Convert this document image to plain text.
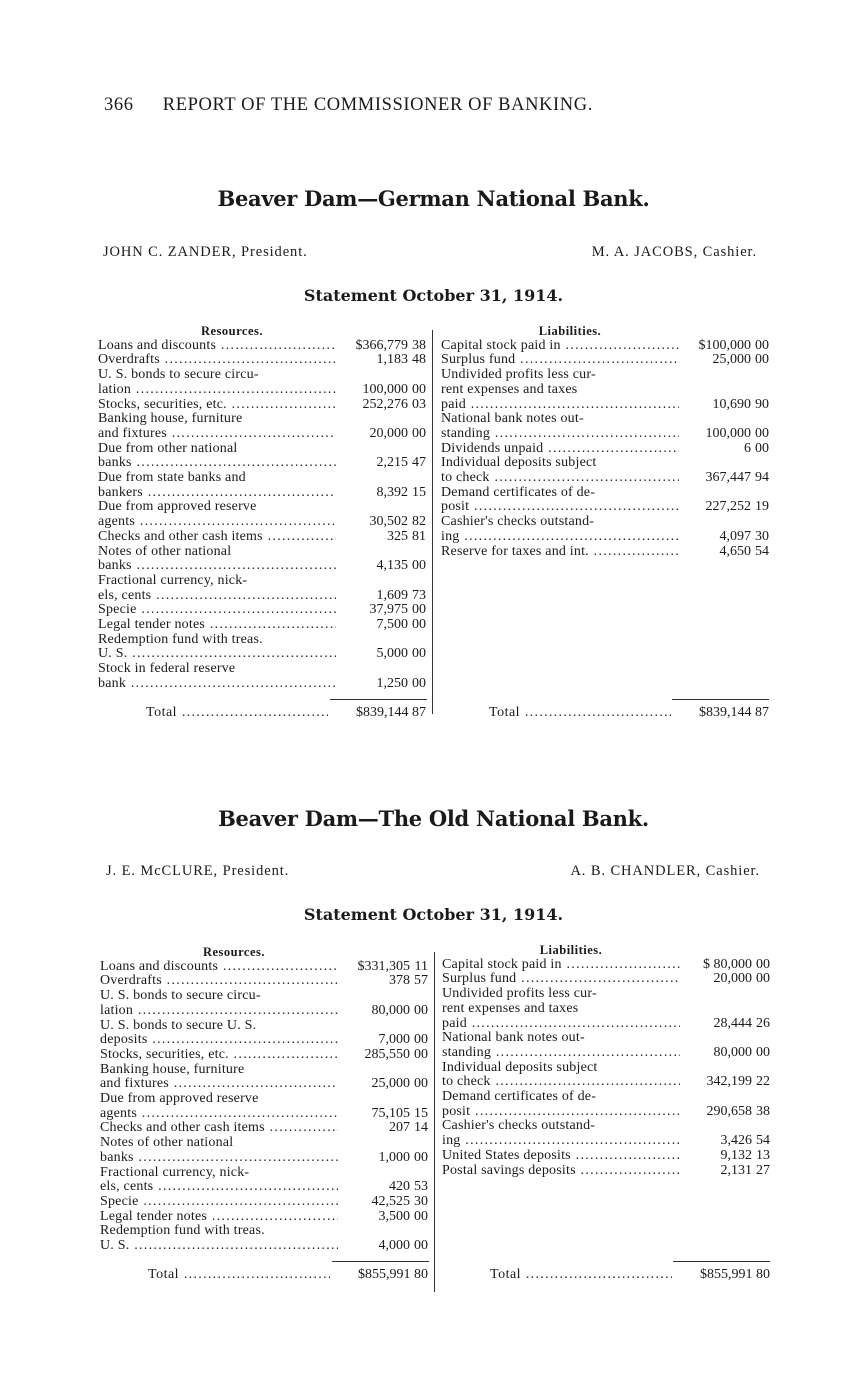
366 REPORT OF THE COMMISSIONER OF BANKING.
Beaver Dam—German National Bank.
JOHN C. ZANDER, President.	M. A. JACOBS, Cashier.
Statement October 31, 1914.
Resources.
Loans and discounts .....	$366,779 38
Overdrafts .....	1,183 48
U. S. bonds to secure circu-
lation .....	100,000 00
Stocks, securities, etc. .....	252,276 03
Banking house, furniture
and fixtures .....	20,000 00
Due from other national
banks .....	2,215 47
Due from state banks and
bankers .....	8,392 15
Due from approved reserve
agents .....	30,502 82
Checks and other cash items .....	325 81
Notes of other national
banks .....	4,135 00
Fractional currency, nick-
els, cents .....	1,609 73
Specie .....	37,975 00
Legal tender notes .....	7,500 00
Redemption fund with treas.
U. S. .....	5,000 00
Stock in federal reserve
bank .....	1,250 00
Liabilities.
Capital stock paid in .....	$100,000 00
Surplus fund .....	25,000 00
Undivided profits less cur-
rent expenses and taxes
paid .....	10,690 90
National bank notes out-
standing .....	100,000 00
Dividends unpaid .....	6 00
Individual deposits subject
to check .....	367,447 94
Demand certificates of de-
posit .....	227,252 19
Cashier's checks outstand-
ing .....	4,097 30
Reserve for taxes and int. .....	4,650 54
Total .....	$839,144 87	Total .....	$839,144 87
Beaver Dam—The Old National Bank.
J. E. McCLURE, President.	A. B. CHANDLER, Cashier.
Statement October 31, 1914.
Resources.
Loans and discounts .....	$331,305 11
Overdrafts .....	378 57
U. S. bonds to secure circu-
lation .....	80,000 00
U. S. bonds to secure U. S.
deposits .....	7,000 00
Stocks, securities, etc. .....	285,550 00
Banking house, furniture
and fixtures .....	25,000 00
Due from approved reserve
agents .....	75,105 15
Checks and other cash items .....	207 14
Notes of other national
banks .....	1,000 00
Fractional currency, nick-
els, cents .....	420 53
Specie .....	42,525 30
Legal tender notes .....	3,500 00
Redemption fund with treas.
U. S. .....	4,000 00
Liabilities.
Capital stock paid in .....	$ 80,000 00
Surplus fund .....	20,000 00
Undivided profits less cur-
rent expenses and taxes
paid .....	28,444 26
National bank notes out-
standing .....	80,000 00
Individual deposits subject
to check .....	342,199 22
Demand certificates of de-
posit .....	290,658 38
Cashier's checks outstand-
ing .....	3,426 54
United States deposits .....	9,132 13
Postal savings deposits .....	2,131 27
Total .....	$855,991 80	Total .....	$855,991 80
